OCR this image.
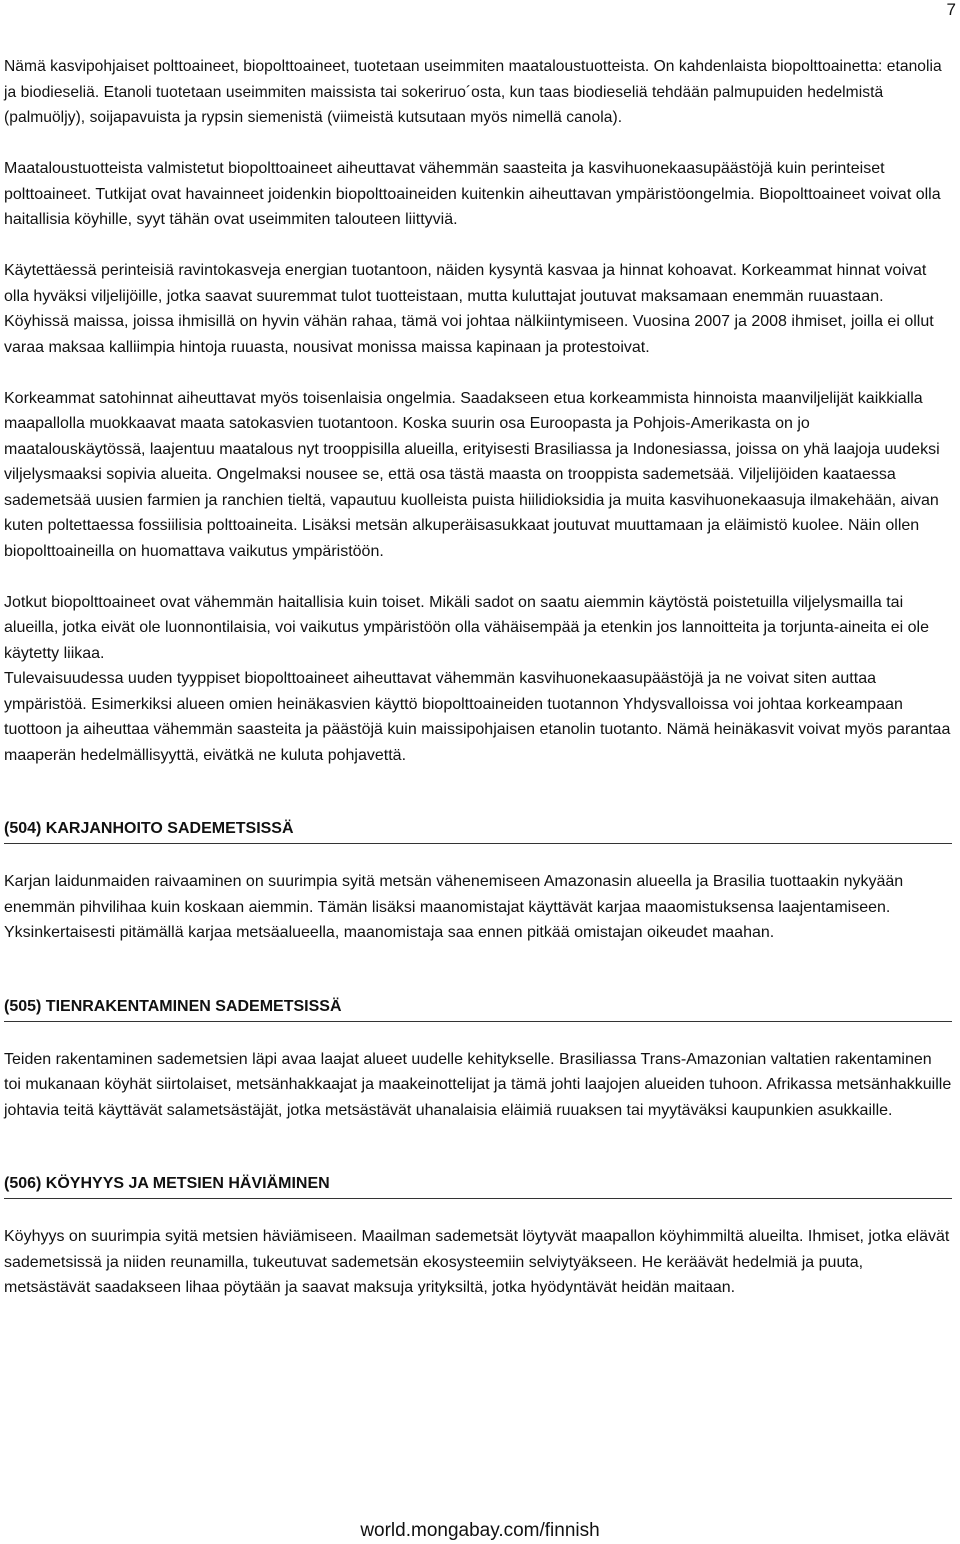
7

Nämä kasvipohjaiset polttoaineet, biopolttoaineet, tuotetaan useimmiten maataloustuotteista. On kahdenlaista biopolttoainetta: etanolia ja biodieseliä. Etanoli tuotetaan useimmiten maissista tai sokeriruo´osta, kun taas biodieseliä tehdään palmupuiden hedelmistä (palmuöljy), soijapavuista ja rypsin siemenistä (viimeistä kutsutaan myös nimellä canola).

Maataloustuotteista valmistetut biopolttoaineet aiheuttavat vähemmän saasteita ja kasvihuonekaasupäästöjä kuin perinteiset polttoaineet. Tutkijat ovat havainneet joidenkin biopolttoaineiden kuitenkin aiheuttavan ympäristöongelmia. Biopolttoaineet voivat olla haitallisia köyhille, syyt tähän ovat useimmiten talouteen liittyviä.

Käytettäessä perinteisiä ravintokasveja energian tuotantoon, näiden kysyntä kasvaa ja hinnat kohoavat. Korkeammat hinnat voivat olla hyväksi viljelijöille, jotka saavat suuremmat tulot tuotteistaan, mutta kuluttajat joutuvat maksamaan enemmän ruuastaan. Köyhissä maissa, joissa ihmisillä on hyvin vähän rahaa, tämä voi johtaa nälkiintymiseen. Vuosina 2007 ja 2008 ihmiset, joilla ei ollut varaa maksaa kalliimpia hintoja ruuasta, nousivat monissa maissa kapinaan ja protestoivat.

Korkeammat satohinnat aiheuttavat myös toisenlaisia ongelmia. Saadakseen etua korkeammista hinnoista maanviljelijät kaikkialla maapallolla muokkaavat maata satokasvien tuotantoon. Koska suurin osa Euroopasta ja Pohjois-Amerikasta on jo maatalouskäytössä, laajentuu maatalous nyt trooppisilla alueilla, erityisesti Brasiliassa ja Indonesiassa, joissa on yhä laajoja uudeksi viljelysmaaksi sopivia alueita. Ongelmaksi nousee se, että osa tästä maasta on trooppista sademetsää. Viljelijöiden kaataessa sademetsää uusien farmien ja ranchien tieltä, vapautuu kuolleista puista hiilidioksidia ja muita kasvihuonekaasuja ilmakehään, aivan kuten poltettaessa fossiilisia polttoaineita. Lisäksi metsän alkuperäisasukkaat joutuvat muuttamaan ja eläimistö kuolee. Näin ollen biopolttoaineilla on huomattava vaikutus ympäristöön.

Jotkut biopolttoaineet ovat vähemmän haitallisia kuin toiset. Mikäli sadot on saatu aiemmin käytöstä poistetuilla viljelysmailla tai alueilla, jotka eivät ole luonnontilaisia, voi vaikutus ympäristöön olla vähäisempää ja etenkin jos lannoitteita ja torjunta-aineita ei ole käytetty liikaa.

Tulevaisuudessa uuden tyyppiset biopolttoaineet aiheuttavat vähemmän kasvihuonekaasupäästöjä ja ne voivat siten auttaa ympäristöä. Esimerkiksi alueen omien heinäkasvien käyttö biopolttoaineiden tuotannon Yhdysvalloissa voi johtaa korkeampaan tuottoon ja aiheuttaa vähemmän saasteita ja päästöjä kuin maissipohjaisen etanolin tuotanto. Nämä heinäkasvit voivat myös parantaa maaperän hedelmällisyyttä, eivätkä ne kuluta pohjavettä.

(504) KARJANHOITO SADEMETSISSÄ

Karjan laidunmaiden raivaaminen on suurimpia syitä metsän vähenemiseen Amazonasin alueella ja Brasilia tuottaakin nykyään enemmän pihvilihaa kuin koskaan aiemmin. Tämän lisäksi maanomistajat käyttävät karjaa maaomistuksensa laajentamiseen. Yksinkertaisesti pitämällä karjaa metsäalueella, maanomistaja saa ennen pitkää omistajan oikeudet maahan.

(505) TIENRAKENTAMINEN SADEMETSISSÄ

Teiden rakentaminen sademetsien läpi avaa laajat alueet uudelle kehitykselle. Brasiliassa Trans-Amazonian valtatien rakentaminen toi mukanaan köyhät siirtolaiset, metsänhakkaajat ja maakeinottelijat ja tämä johti laajojen alueiden tuhoon. Afrikassa metsänhakkuille johtavia teitä käyttävät salametsästäjät, jotka metsästävät uhanalaisia eläimiä ruuaksen tai myytäväksi kaupunkien asukkaille.

(506) KÖYHYYS JA METSIEN HÄVIÄMINEN

Köyhyys on suurimpia syitä metsien häviämiseen. Maailman sademetsät löytyvät maapallon köyhimmiltä alueilta. Ihmiset, jotka elävät sademetsissä ja niiden reunamilla, tukeutuvat sademetsän ekosysteemiin selviytyäkseen. He keräävät hedelmiä ja puuta, metsästävät saadakseen lihaa pöytään ja saavat maksuja yrityksiltä, jotka hyödyntävät heidän maitaan.

world.mongabay.com/finnish
